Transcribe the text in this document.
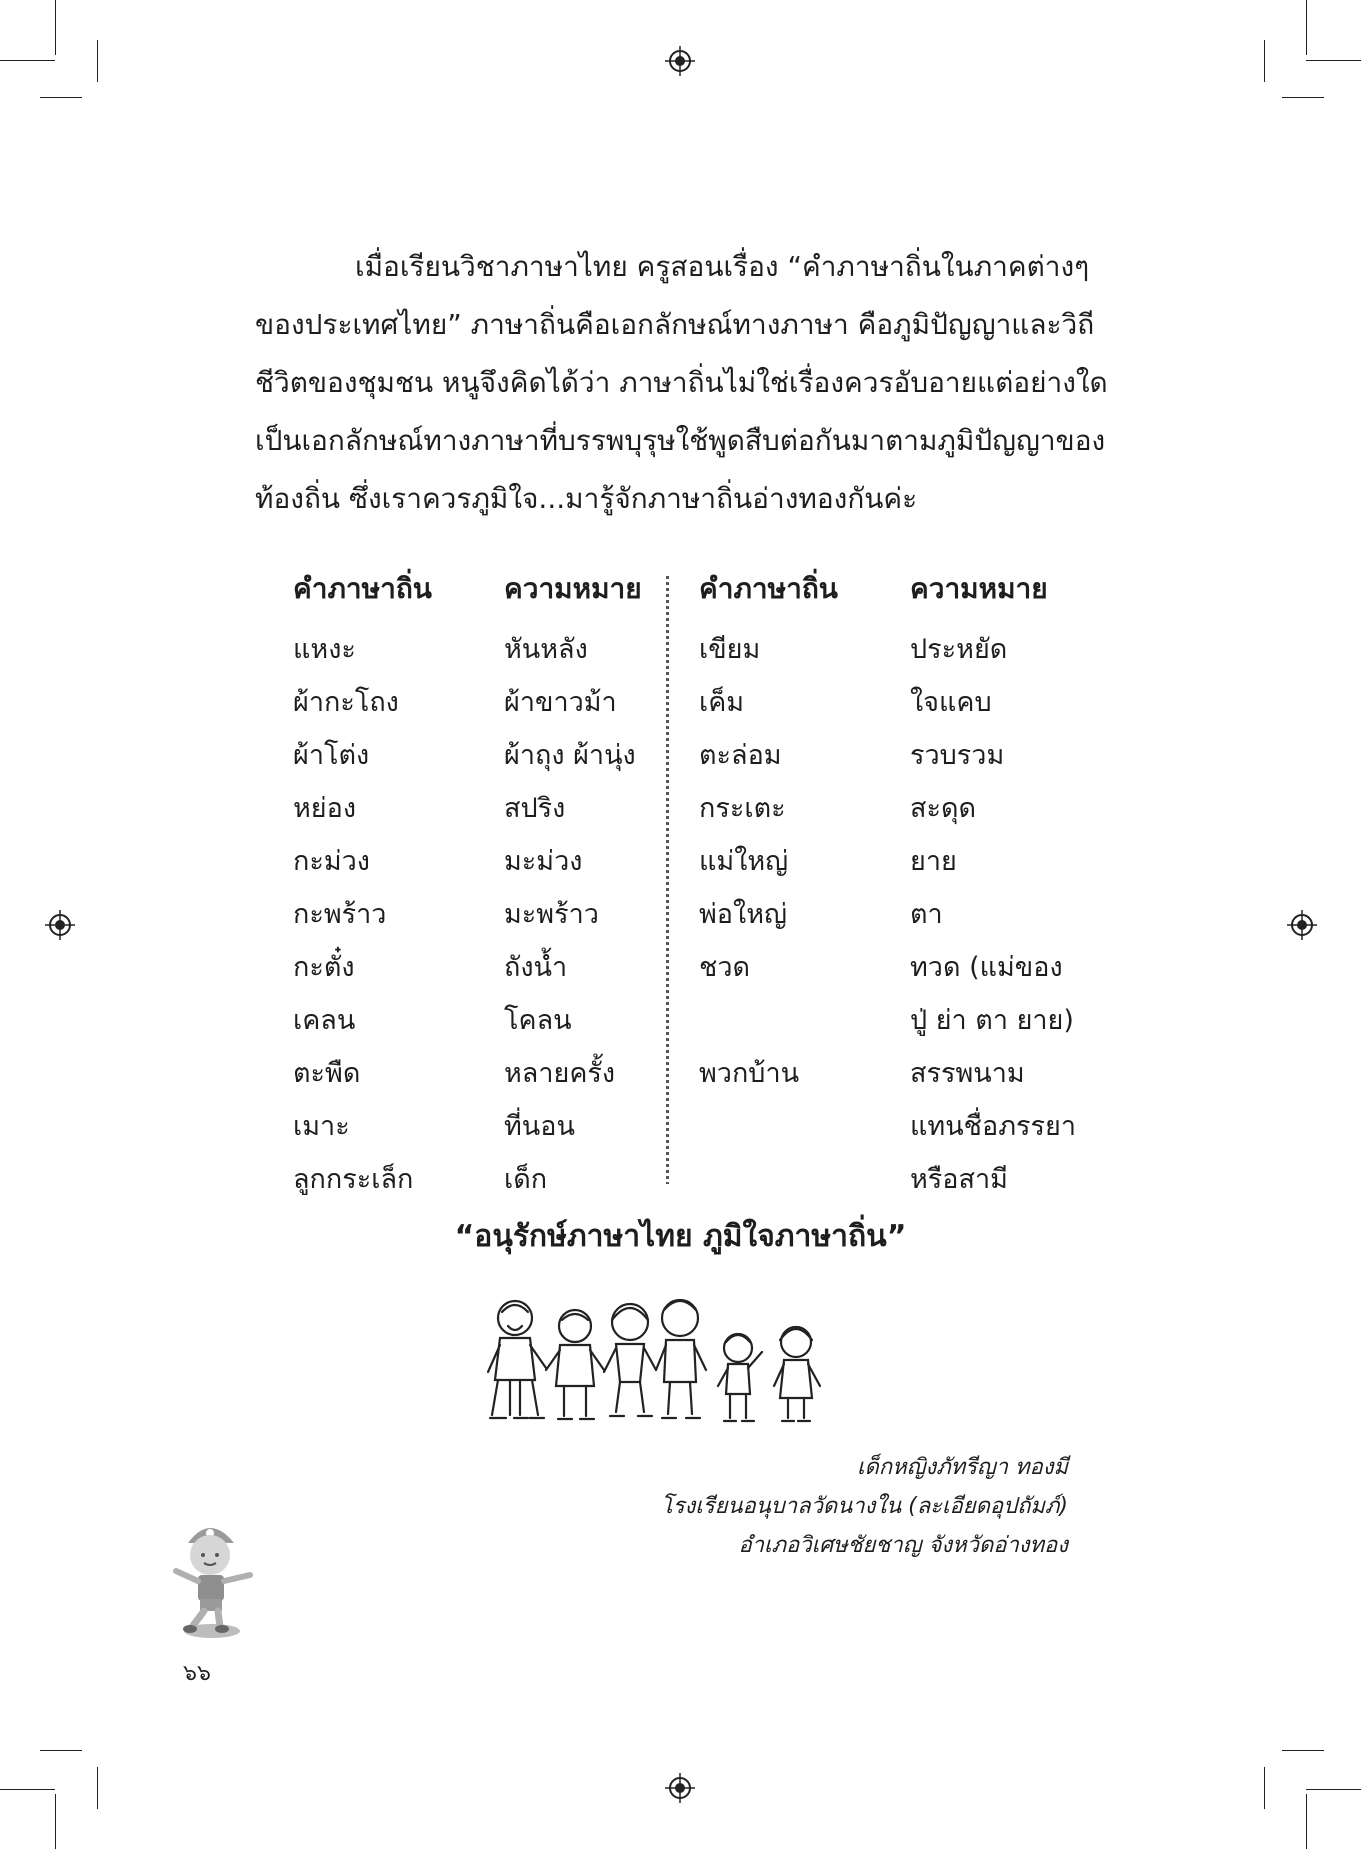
เมื่อเรียนวิชาภาษาไทย ครูสอนเรื่อง “คำภาษาถิ่นในภาคต่างๆ
ของประเทศไทย” ภาษาถิ่นคือเอกลักษณ์ทางภาษา คือภูมิปัญญาและวิถี
ชีวิตของชุมชน หนูจึงคิดได้ว่า ภาษาถิ่นไม่ใช่เรื่องควรอับอายแต่อย่างใด
เป็นเอกลักษณ์ทางภาษาที่บรรพบุรุษใช้พูดสืบต่อกันมาตามภูมิปัญญาของ
ท้องถิ่น ซึ่งเราควรภูมิใจ...มารู้จักภาษาถิ่นอ่างทองกันค่ะ
คำภาษาถิ่น	ความหมาย
แหงะ	หันหลัง
ผ้ากะโถง	ผ้าขาวม้า
ผ้าโต่ง	ผ้าถุง ผ้านุ่ง
หย่อง	สปริง
กะม่วง	มะม่วง
กะพร้าว	มะพร้าว
กะตั๋ง	ถังน้ำ
เคลน	โคลน
ตะพืด	หลายครั้ง
เมาะ	ที่นอน
ลูกกระเล็ก	เด็ก
คำภาษาถิ่น	ความหมาย
เขียม	ประหยัด
เค็ม	ใจแคบ
ตะล่อม	รวบรวม
กระเตะ	สะดุด
แม่ใหญ่	ยาย
พ่อใหญ่	ตา
ชวด	ทวด (แม่ของ
ปู่ ย่า ตา ยาย)
พวกบ้าน	สรรพนาม
แทนชื่อภรรยา
หรือสามี
“อนุรักษ์ภาษาไทย ภูมิใจภาษาถิ่น”
เด็กหญิงภัทรีญา ทองมี
โรงเรียนอนุบาลวัดนางใน (ละเอียดอุปถัมภ์)
อำเภอวิเศษชัยชาญ จังหวัดอ่างทอง
๖๖
